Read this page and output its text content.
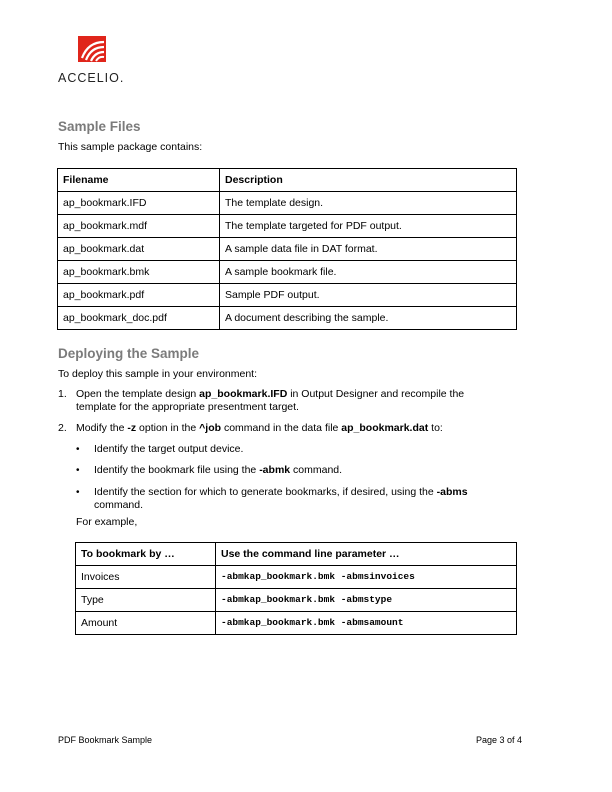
ACCELIO.
Sample Files

This sample package contains:

Filename	Description
ap_bookmark.IFD	The template design.
ap_bookmark.mdf	The template targeted for PDF output.
ap_bookmark.dat	A sample data file in DAT format.
ap_bookmark.bmk	A sample bookmark file.
ap_bookmark.pdf	Sample PDF output.
ap_bookmark_doc.pdf	A document describing the sample.
Deploying the Sample

To deploy this sample in your environment:

1. Open the template design ap_bookmark.IFD in Output Designer and recompile the
template for the appropriate presentment target.
2. Modify the -z option in the ^job command in the data file ap_bookmark.dat to:
• Identify the target output device.
• Identify the bookmark file using the -abmk command.
• Identify the section for which to generate bookmarks, if desired, using the -abms
command.

For example,

To bookmark by …	Use the command line parameter …
Invoices	-abmkap_bookmark.bmk -abmsinvoices
Type	-abmkap_bookmark.bmk -abmstype
Amount	-abmkap_bookmark.bmk -abmsamount
PDF Bookmark Sample	Page 3 of 4
